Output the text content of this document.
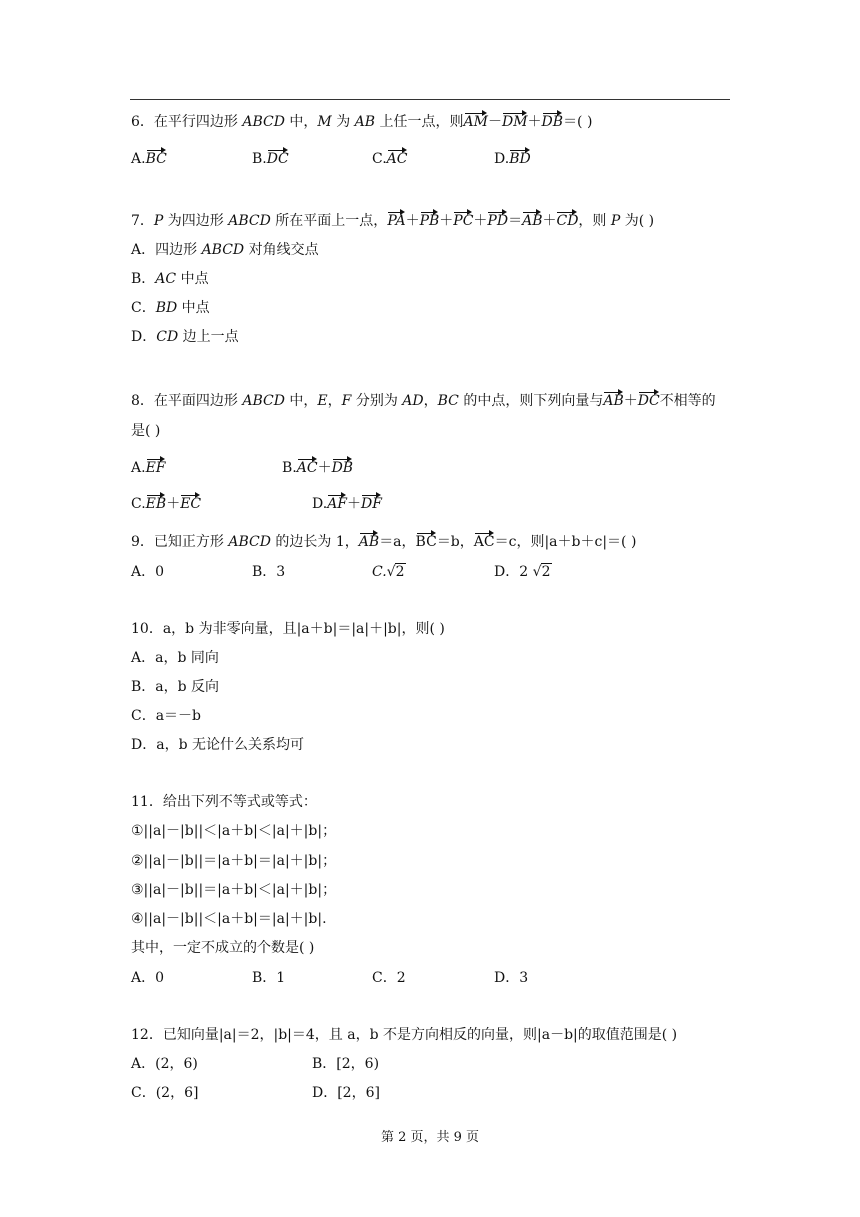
6．在平行四边形 ABCD 中，M 为 AB 上任一点，则AM－DM＋DB＝( )
A.BC	B.DC	C.AC	D.BD
7．P 为四边形 ABCD 所在平面上一点，PA＋PB＋PC＋PD＝AB＋CD，则 P 为( )
A．四边形 ABCD 对角线交点
B．AC 中点
C．BD 中点
D．CD 边上一点
8．在平面四边形 ABCD 中，E，F 分别为 AD，BC 的中点，则下列向量与AB＋DC不相等的
是( )
A.EF	B.AC＋DB
C.EB＋EC	D.AF＋DF
9．已知正方形 ABCD 的边长为 1，AB＝a，BC＝b，AC＝c，则|a＋b＋c|＝( )
A．0	B．3	C.√ 2	D．2 √ 2
10．a，b 为非零向量，且|a＋b|＝|a|＋|b|，则( )
A．a，b 同向
B．a，b 反向
C．a＝－b
D．a，b 无论什么关系均可
11．给出下列不等式或等式：
①||a|－|b||＜|a＋b|＜|a|＋|b|；
②||a|－|b||＝|a＋b|＝|a|＋|b|；
③||a|－|b||＝|a＋b|＜|a|＋|b|；
④||a|－|b||＜|a＋b|＝|a|＋|b|.
其中，一定不成立的个数是( )
A．0	B．1	C．2	D．3
12．已知向量|a|＝2，|b|＝4，且 a，b 不是方向相反的向量，则|a－b|的取值范围是( )
A．(2，6)	B．[2，6)
C．(2，6]	D．[2，6]
第 2 页，共 9 页
